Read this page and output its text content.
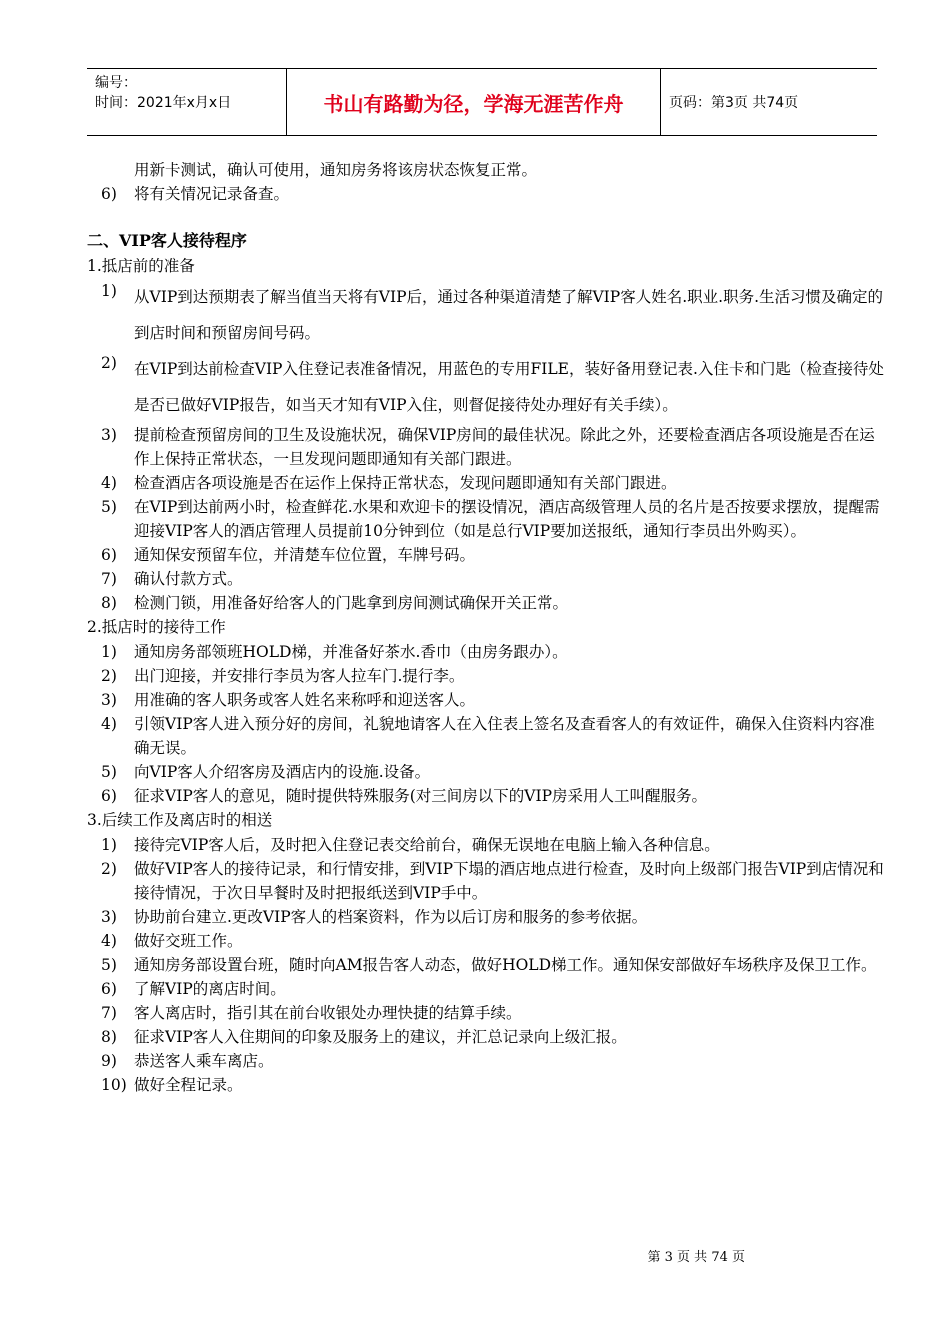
编号：
时间：2021年x月x日	书山有路勤为径，学海无涯苦作舟	页码：第3页 共74页
用新卡测试，确认可使用，通知房务将该房状态恢复正常。
6)	将有关情况记录备查。
二、VIP客人接待程序
1.抵店前的准备
1)	从VIP到达预期表了解当值当天将有VIP后，通过各种渠道清楚了解VIP客人姓名.职业.职务.生活习惯及确定的到店时间和预留房间号码。
2)	在VIP到达前检查VIP入住登记表准备情况，用蓝色的专用FILE，装好备用登记表.入住卡和门匙（检查接待处是否已做好VIP报告，如当天才知有VIP入住，则督促接待处办理好有关手续）。
3)	提前检查预留房间的卫生及设施状况，确保VIP房间的最佳状况。除此之外，还要检查酒店各项设施是否在运作上保持正常状态，一旦发现问题即通知有关部门跟进。
4)	检查酒店各项设施是否在运作上保持正常状态，发现问题即通知有关部门跟进。
5)	在VIP到达前两小时，检查鲜花.水果和欢迎卡的摆设情况，酒店高级管理人员的名片是否按要求摆放，提醒需迎接VIP客人的酒店管理人员提前10分钟到位（如是总行VIP要加送报纸，通知行李员出外购买）。
6)	通知保安预留车位，并清楚车位位置，车牌号码。
7)	确认付款方式。
8)	检测门锁，用准备好给客人的门匙拿到房间测试确保开关正常。
2.抵店时的接待工作
1)	通知房务部领班HOLD梯，并准备好茶水.香巾（由房务跟办）。
2)	出门迎接，并安排行李员为客人拉车门.提行李。
3)	用准确的客人职务或客人姓名来称呼和迎送客人。
4)	引领VIP客人进入预分好的房间，礼貌地请客人在入住表上签名及查看客人的有效证件，确保入住资料内容准确无误。
5)	向VIP客人介绍客房及酒店内的设施.设备。
6)	征求VIP客人的意见，随时提供特殊服务(对三间房以下的VIP房采用人工叫醒服务。
3.后续工作及离店时的相送
1)	接待完VIP客人后，及时把入住登记表交给前台，确保无误地在电脑上输入各种信息。
2)	做好VIP客人的接待记录，和行情安排，到VIP下塌的酒店地点进行检查，及时向上级部门报告VIP到店情况和接待情况，于次日早餐时及时把报纸送到VIP手中。
3)	协助前台建立.更改VIP客人的档案资料，作为以后订房和服务的参考依据。
4)	做好交班工作。
5)	通知房务部设置台班，随时向AM报告客人动态，做好HOLD梯工作。通知保安部做好车场秩序及保卫工作。
6)	了解VIP的离店时间。
7)	客人离店时，指引其在前台收银处办理快捷的结算手续。
8)	征求VIP客人入住期间的印象及服务上的建议，并汇总记录向上级汇报。
9)	恭送客人乘车离店。
10) 做好全程记录。
第 3 页 共 74 页
